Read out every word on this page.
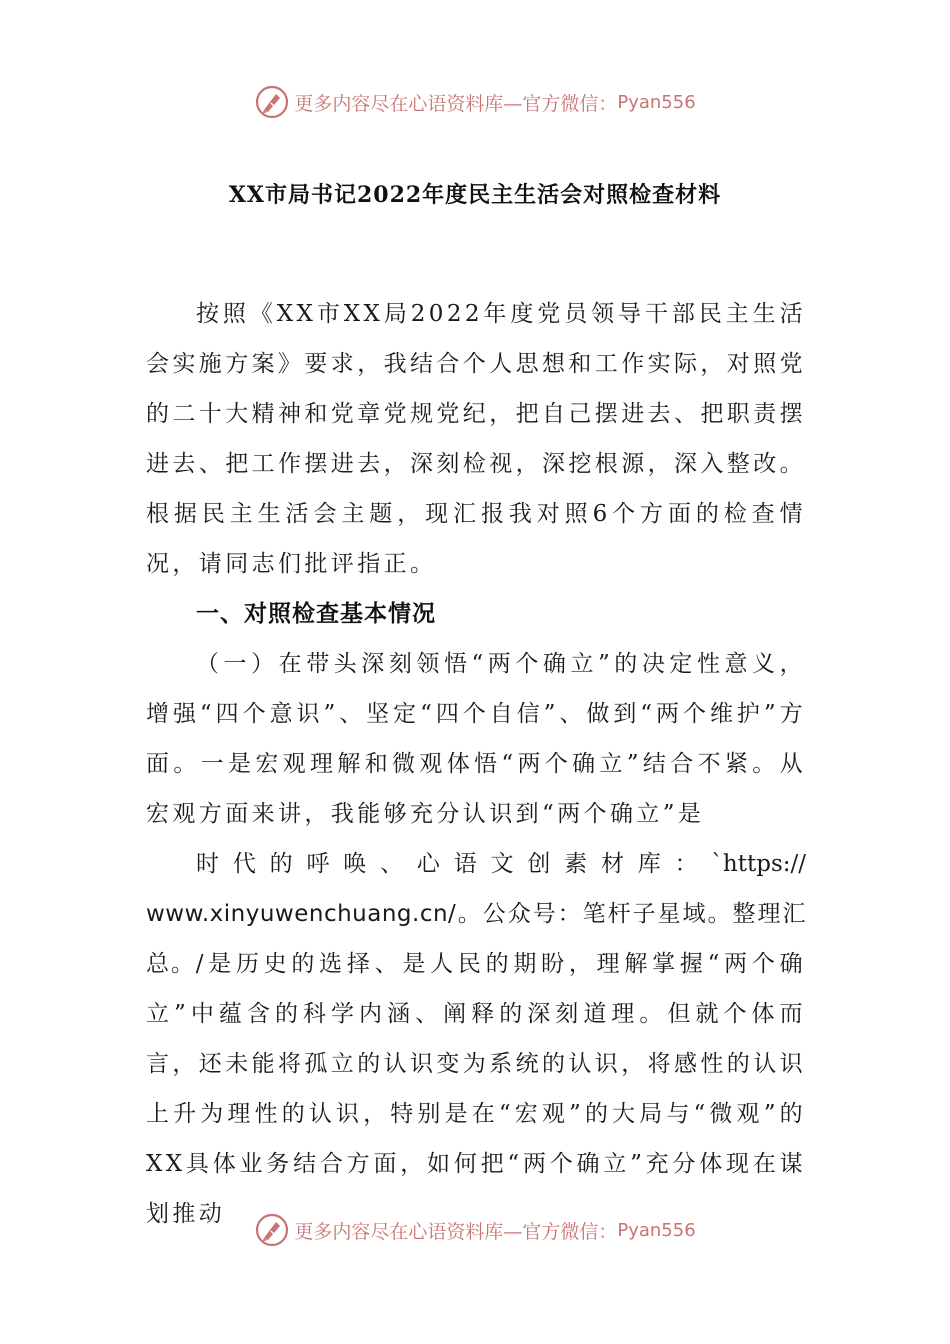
更多内容尽在心语资料库—官方微信： Pyan556
XX市局书记2022年度民主生活会对照检查材料

按照《XX市XX局2022年度党员领导干部民主生活会实施方案》要求，我结合个人思想和工作实际，对照党的二十大精神和党章党规党纪，把自己摆进去、把职责摆进去、把工作摆进去，深刻检视，深挖根源，深入整改。根据民主生活会主题，现汇报我对照6个方面的检查情况，请同志们批评指正。

一、对照检查基本情况

（一）在带头深刻领悟“两个确立”的决定性意义，增强“四个意识”、坚定“四个自信”、做到“两个维护”方面。一是宏观理解和微观体悟“两个确立”结合不紧。从宏观方面来讲，我能够充分认识到“两个确立”是
时代的呼唤、心语文创素材库：`https://
www.xinyuwenchuang.cn/。公众号：笔杆子星域。整理汇总。/是历史的选择、是人民的期盼，理解掌握“两个确立”中蕴含的科学内涵、阐释的深刻道理。但就个体而言，还未能将孤立的认识变为系统的认识，将感性的认识上升为理性的认识，特别是在“宏观”的大局与“微观”的XX具体业务结合方面，如何把“两个确立”充分体现在谋划推动

更多内容尽在心语资料库—官方微信： Pyan556
